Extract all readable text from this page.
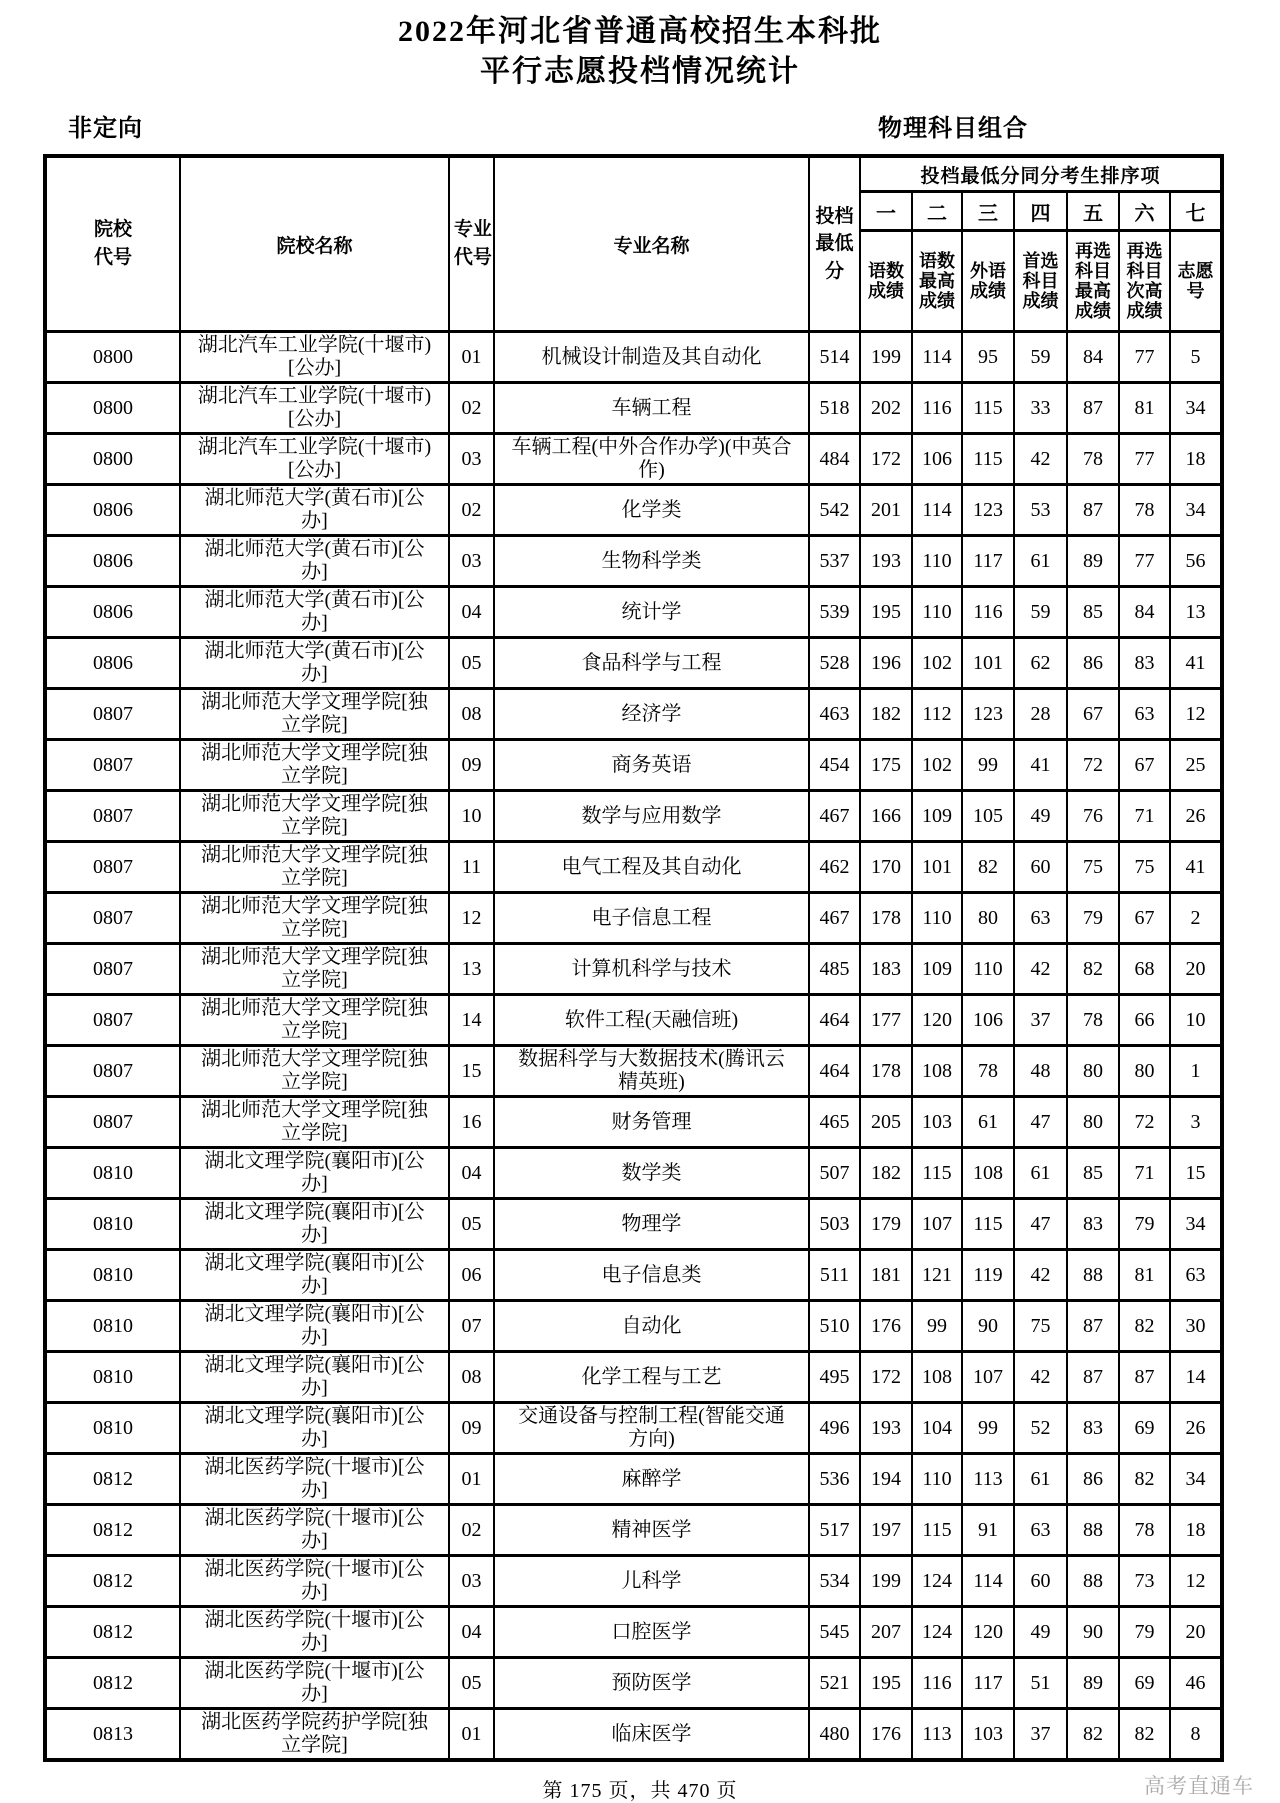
2022年河北省普通高校招生本科批
平行志愿投档情况统计
非定向	物理科目组合
院校代号	院校名称	专业代号	专业名称	投档最低分	投档最低分同分考生排序项						
					一	二	三	四	五	六	七
					语数成绩	语数最高成绩	外语成绩	首选科目成绩	再选科目最高成绩	再选科目次高成绩	志愿号
0800	湖北汽车工业学院(十堰市)[公办]	01	机械设计制造及其自动化	514	199	114	95	59	84	77	5
0800	湖北汽车工业学院(十堰市)[公办]	02	车辆工程	518	202	116	115	33	87	81	34
0800	湖北汽车工业学院(十堰市)[公办]	03	车辆工程(中外合作办学)(中英合作)	484	172	106	115	42	78	77	18
0806	湖北师范大学(黄石市)[公办]	02	化学类	542	201	114	123	53	87	78	34
0806	湖北师范大学(黄石市)[公办]	03	生物科学类	537	193	110	117	61	89	77	56
0806	湖北师范大学(黄石市)[公办]	04	统计学	539	195	110	116	59	85	84	13
0806	湖北师范大学(黄石市)[公办]	05	食品科学与工程	528	196	102	101	62	86	83	41
0807	湖北师范大学文理学院[独立学院]	08	经济学	463	182	112	123	28	67	63	12
0807	湖北师范大学文理学院[独立学院]	09	商务英语	454	175	102	99	41	72	67	25
0807	湖北师范大学文理学院[独立学院]	10	数学与应用数学	467	166	109	105	49	76	71	26
0807	湖北师范大学文理学院[独立学院]	11	电气工程及其自动化	462	170	101	82	60	75	75	41
0807	湖北师范大学文理学院[独立学院]	12	电子信息工程	467	178	110	80	63	79	67	2
0807	湖北师范大学文理学院[独立学院]	13	计算机科学与技术	485	183	109	110	42	82	68	20
0807	湖北师范大学文理学院[独立学院]	14	软件工程(天融信班)	464	177	120	106	37	78	66	10
0807	湖北师范大学文理学院[独立学院]	15	数据科学与大数据技术(腾讯云精英班)	464	178	108	78	48	80	80	1
0807	湖北师范大学文理学院[独立学院]	16	财务管理	465	205	103	61	47	80	72	3
0810	湖北文理学院(襄阳市)[公办]	04	数学类	507	182	115	108	61	85	71	15
0810	湖北文理学院(襄阳市)[公办]	05	物理学	503	179	107	115	47	83	79	34
0810	湖北文理学院(襄阳市)[公办]	06	电子信息类	511	181	121	119	42	88	81	63
0810	湖北文理学院(襄阳市)[公办]	07	自动化	510	176	99	90	75	87	82	30
0810	湖北文理学院(襄阳市)[公办]	08	化学工程与工艺	495	172	108	107	42	87	87	14
0810	湖北文理学院(襄阳市)[公办]	09	交通设备与控制工程(智能交通方向)	496	193	104	99	52	83	69	26
0812	湖北医药学院(十堰市)[公办]	01	麻醉学	536	194	110	113	61	86	82	34
0812	湖北医药学院(十堰市)[公办]	02	精神医学	517	197	115	91	63	88	78	18
0812	湖北医药学院(十堰市)[公办]	03	儿科学	534	199	124	114	60	88	73	12
0812	湖北医药学院(十堰市)[公办]	04	口腔医学	545	207	124	120	49	90	79	20
0812	湖北医药学院(十堰市)[公办]	05	预防医学	521	195	116	117	51	89	69	46
0813	湖北医药学院药护学院[独立学院]	01	临床医学	480	176	113	103	37	82	82	8
第 175 页，共 470 页	高考直通车
